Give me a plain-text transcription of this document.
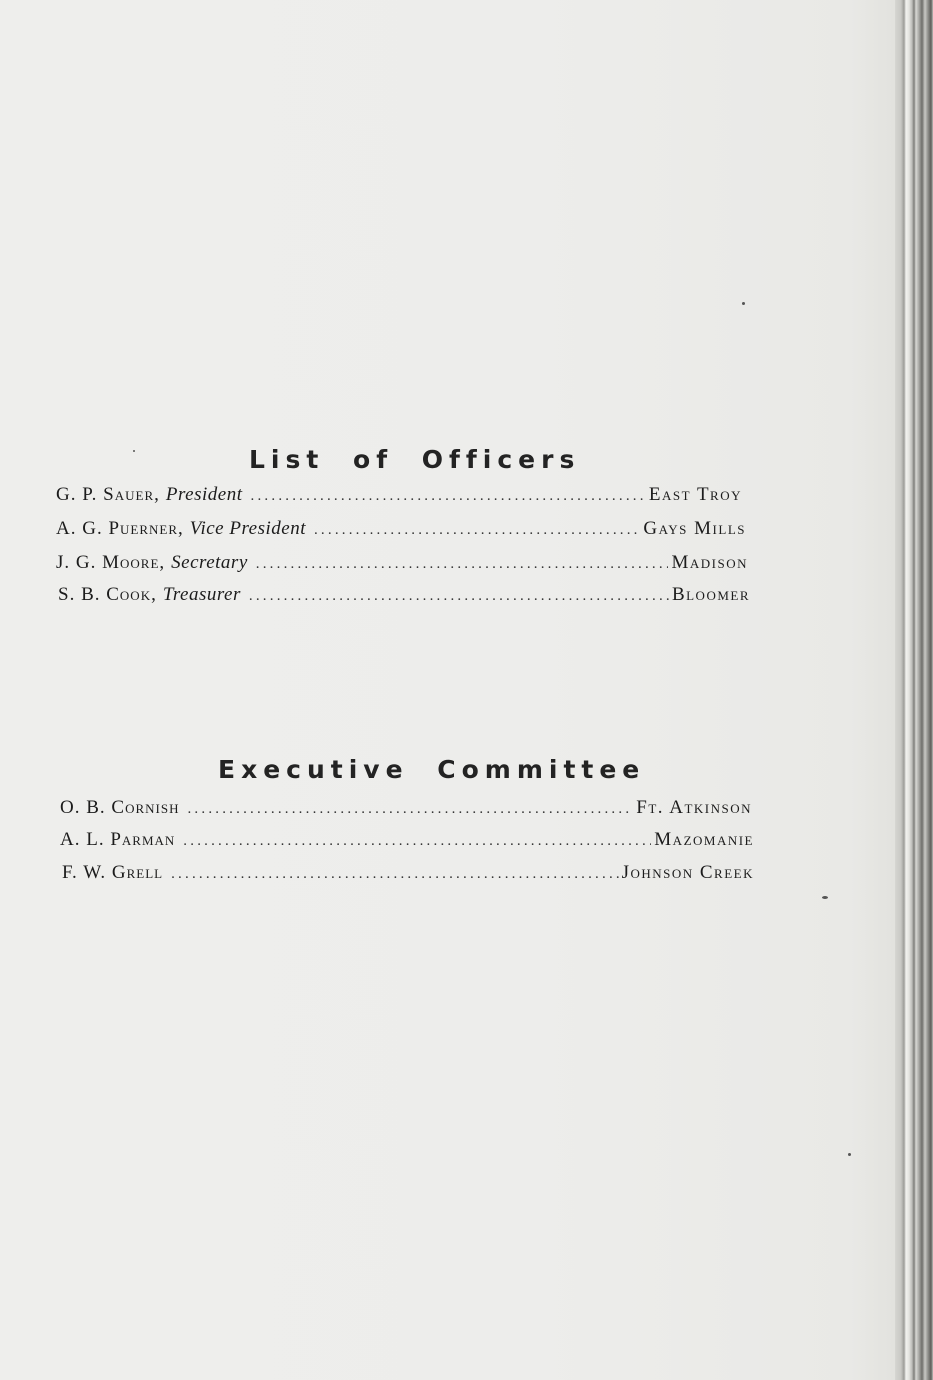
List of Officers
G. P. Sauer, President .....	East Troy
A. G. Puerner, Vice President .....	Gays Mills
J. G. Moore, Secretary .....	Madison
S. B. Cook, Treasurer .....	Bloomer
Executive Committee
O. B. Cornish .....	Ft. Atkinson
A. L. Parman .....	Mazomanie
F. W. Grell .....	Johnson Creek
